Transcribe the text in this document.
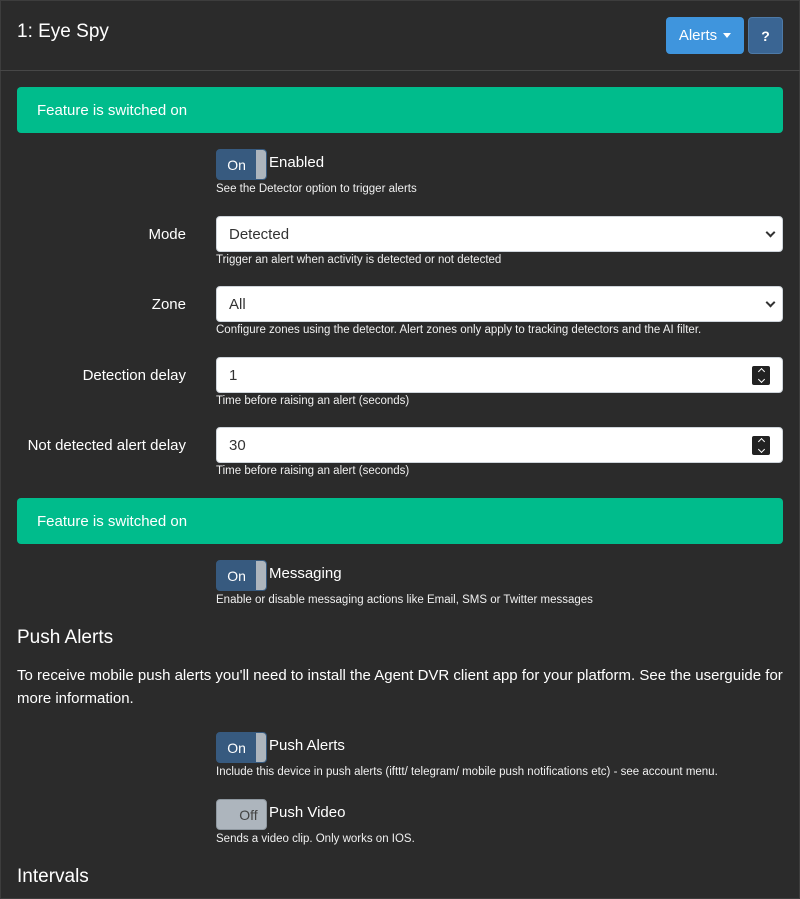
1: Eye Spy	Alerts	?
Feature is switched on
On	Enabled
See the Detector option to trigger alerts
Mode	Detected
Trigger an alert when activity is detected or not detected
Zone	All
Configure zones using the detector. Alert zones only apply to tracking detectors and the AI filter.
Detection delay	1
Time before raising an alert (seconds)
Not detected alert delay	30
Time before raising an alert (seconds)
Feature is switched on
On	Messaging
Enable or disable messaging actions like Email, SMS or Twitter messages
Push Alerts
To receive mobile push alerts you'll need to install the Agent DVR client app for your platform. See the userguide for more information.
On	Push Alerts
Include this device in push alerts (ifttt/ telegram/ mobile push notifications etc) - see account menu.
Off Push Video
Sends a video clip. Only works on IOS.
Intervals
